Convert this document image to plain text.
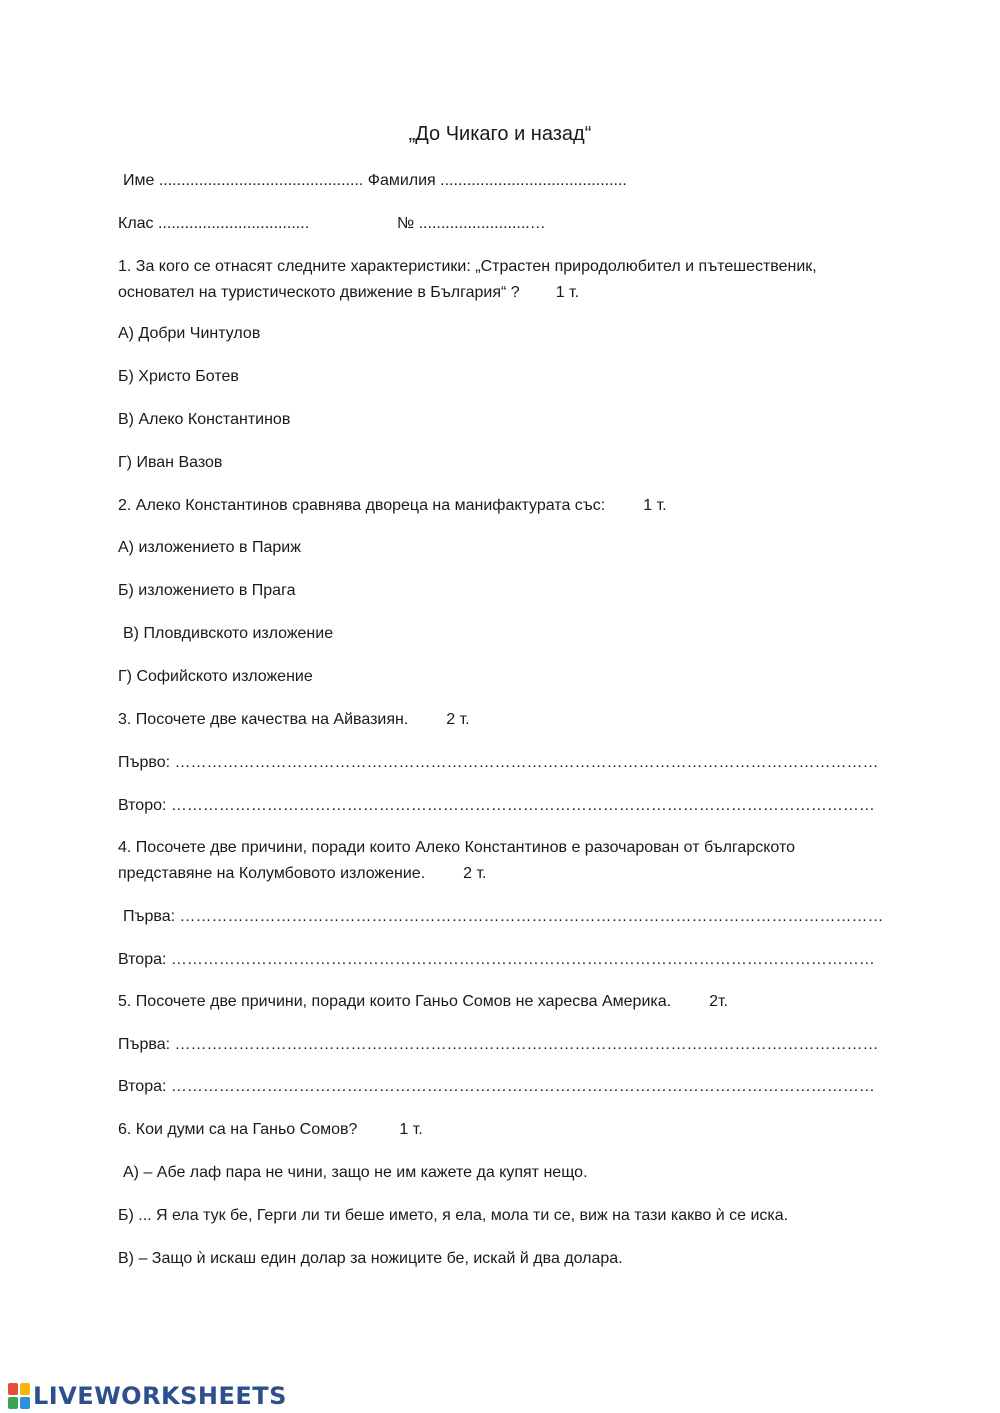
„До Чикаго и назад“
Име .............................................. Фамилия ..........................................
Клас ..................................	№ .........................…
1. За кого се отнасят следните характеристики: „Страстен природолюбител и пътешественик,
основател на туристическото движение в България“ ? 1 т.
А) Добри Чинтулов
Б) Христо Ботев
В) Алеко Константинов
Г) Иван Вазов
2. Алеко Константинов сравнява двореца на манифактурата със: 1 т.
А) изложението в Париж
Б) изложението в Прага
В) Пловдивското изложение
Г) Софийското изложение
3. Посочете две качества на Айвазиян. 2 т.
Първо: ……………………………………………………………………………………………………………………
Второ: ……………………………………………………………………………………………………………………
4. Посочете две причини, поради които Алеко Константинов е разочарован от българското
представяне на Колумбовото изложение. 2 т.
Първа: ……………………………………………………………………………………………………………………
Втора: ……………………………………………………………………………………………………………………
5. Посочете две причини, поради които Ганьо Сомов не харесва Америка. 2т.
Първа: ……………………………………………………………………………………………………………………
Втора: ……………………………………………………………………………………………………………………
6. Кои думи са на Ганьо Сомов?	1 т.
А) – Абе лаф пара не чини, защо не им кажете да купят нещо.
Б) ... Я ела тук бе, Герги ли ти беше името, я ела, мола ти се, виж на тази какво ѝ се иска.
В) – Защо ѝ искаш един долар за ножиците бе, искай й два долара.
LIVEWORKSHEETS
